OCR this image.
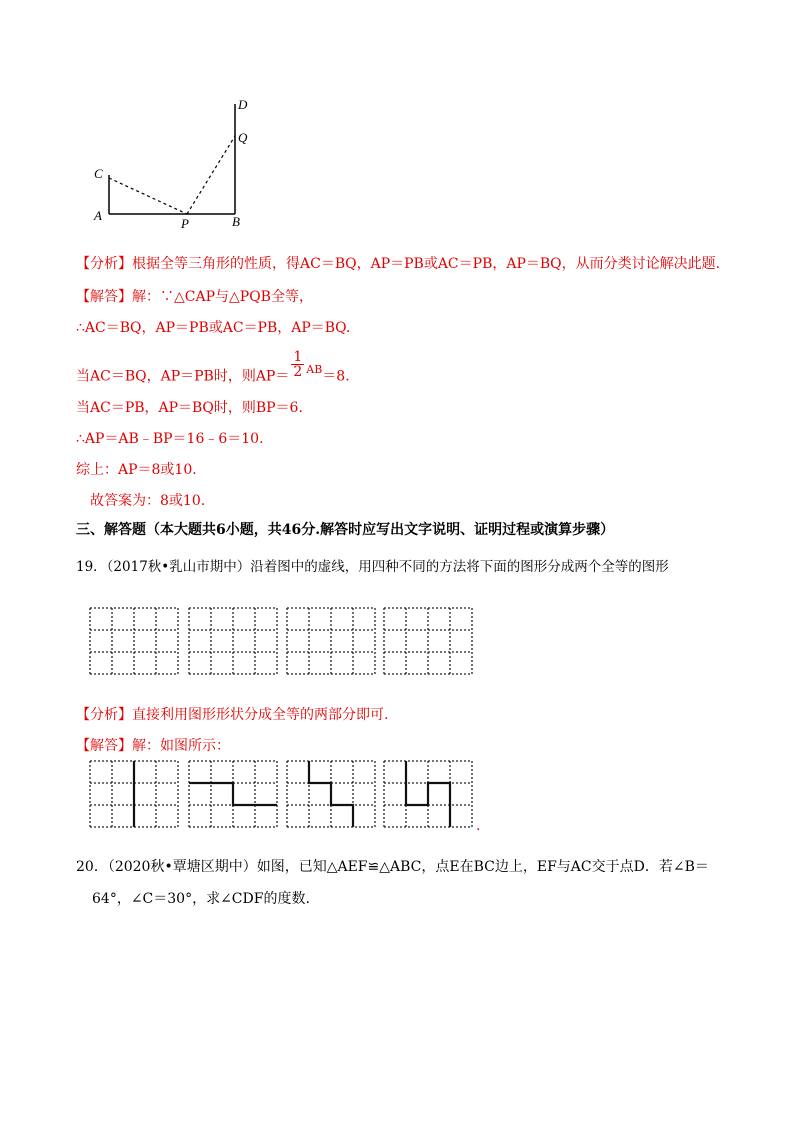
C
A
P	B
D
Q
【分析】根据全等三角形的性质，得AC＝BQ，AP＝PB或AC＝PB，AP＝BQ，从而分类讨论解决此题.
【解答】解：∵△CAP与△PQB全等，
∴AC＝BQ，AP＝PB或AC＝PB，AP＝BQ.
当AC＝BQ，AP＝PB时，则$AP= \frac{1}{2} ^{AB}=8$.
当AC＝PB，AP＝BQ时，则BP＝6.
∴AP＝AB﹣BP＝16﹣6＝10.
综上：AP＝8或10.
故答案为：8或10.
三、解答题（本大题共6小题，共46分.解答时应写出文字说明、证明过程或演算步骤）
19．（2017秋•乳山市期中）沿着图中的虚线，用四种不同的方法将下面的图形分成两个全等的图形
【分析】直接利用图形形状分成全等的两部分即可.
【解答】解：如图所示：
.
20．（2020秋•覃塘区期中）如图，已知△AEF≌△ABC，点E在BC边上，EF与AC交于点D．若∠B＝
64°，∠C＝30°，求∠CDF的度数.
